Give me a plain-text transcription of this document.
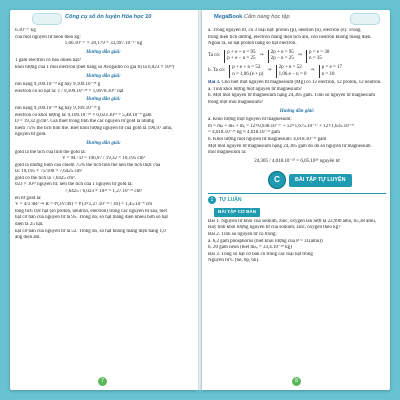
Công cụ số ôn luyện Hóa học 10
6.10⁻²⁷ kg
của một nguyên tử neon theo kg:
1,66.10⁻²⁷ × 20,179 = 33,497.10⁻²⁷ kg
Hướng dẫn giải:
1 gam electron có bao nhiêu hạt?
khối lượng của 1 mol electron (biết hằng số Avogadro có giá trị là 6,023 × 10²³)
Hướng dẫn giải:
ron nặng 9,109.10⁻³¹ kg hay 9,109.10⁻²⁸ g
electron có số hạt là: 1 / 9,109.10⁻²⁸ = 1,0978.10²⁷ hạt
Hướng dẫn giải:
ron nặng 9,109.10⁻²⁸ kg hay 9,109.10⁻²⁸ g
electron có khối lượng là: 9,109.10⁻²⁸ × 6,023.10²³ = 5,48.10⁻⁴ gam
D = 19,32 g/cm³. Giả thiết trong tinh thể các nguyên tử gold là những
hiếm 75% thể tích tinh thể. Biết khối lượng nguyên tử của gold là 196,97 amu,
nguyên tử gold.
Hướng dẫn giải:
gold là thể tích của tinh thể gold là:
V = M / D = 196,97 / 19,32 = 10,195 cm³
gold là những hình cầu chiếm 75% thể tích tinh thể nên thể tích thực của
là: 10,195 × 75/100 = 7,6425 cm³
gold có thể tích là 7,6425 cm³.
023 × 10²³ nguyên tử, nên thể tích của 1 nguyên tử gold là:
7,6425 / 6,023 × 10²³ = 1,27.10⁻²³ cm³
ên tử gold là:
V = 4/3 πR³ ⇒ R = ∛(3V/4π) = ∛(3×1,27.10⁻²³ / 4π) = 1,45.10⁻⁸ cm
tổng tích cực hạt (số proton, neutron, electron) trong các nguyên tử sau, biết
hạt cơ bản của nguyên tử là 95. Trong đó, số hạt mang điện nhiều hơn số hạt
điện là 25 hạt.
hạt cơ bản của nguyên tử là 52. Trong đó, số hạt không mang điện bằng 1,0
ang điện âm.
7
MegaBook Cẩm nang học tập
a. Trong nguyên tử, có 3 loại hạt: proton (p), neutron (n), electron (e). Trong
trung điện tích dương, electron mang điện tích âm, còn neutron không mang điện.
Ngoài ra, số hạt proton bằng số hạt electron.
Ta có:
p + e + n = 95
p + e − n = 25
⇒
2p + n = 95
2p − n = 25
⇒
p = e = 30
n = 35
b. Ta có:
p + e + n = 52
n = 1,06.(e + p)
⇒
2p + n = 52
1,06.e − n = 0
⇒
p = e = 17
n = 18
Bài 3. Cho biết một nguyên tử magnesium (Mg) có 12 electron, 12 proton, 12 neutron.
a. Tính khối lượng một nguyên tử magnesium?
b. Một mol nguyên tử magnesium nặng 24,305 gam. Tính số nguyên tử magnesium
trong một mol magnesium?
Hướng dẫn giải:
a. Khối lượng một nguyên tử magnesium:
m = mₚ + mₙ + mₑ = 12×0,938.10⁻²⁷ + 12×1,675.10⁻²⁷ + 12×1,635.10⁻³¹
= 4,018.10⁻²⁶ kg ≈ 4,018.10⁻²³ gam
b. Khối lượng một nguyên tử magnesium: 4,018.10⁻²³ gam
Một mol nguyên tử magnesium nặng 24,305 gam do đó số nguyên tử magnesium
mol magnesium là:
24,305 / 4,018.10⁻²³ = 6,05.10²³ nguyên tử
C	BÀI TẬP TỰ LUYỆN
1	TỰ LUẬN
BÀI TẬP CƠ BẢN
Bài 1. Nguyên tử khối của sodium, zinc, oxygen lần lượt là 22,990 amu, 65,38 amu,
Hãy tính khối lượng nguyên tử của sodium, zinc, oxygen theo kg?
Bài 2. Tính số nguyên tử có trong:
a. 6,2 gam phosphorus (biết khối lượng của P = 31(amu))
b. 20 gam neon (biết mₙₑ = 33,4.10⁻²⁸ kg)
Bài 3. Tổng số hạt cơ bản có trong các loại hạt trong
Nguyên tử C (6e, 6p, 6n).
8
